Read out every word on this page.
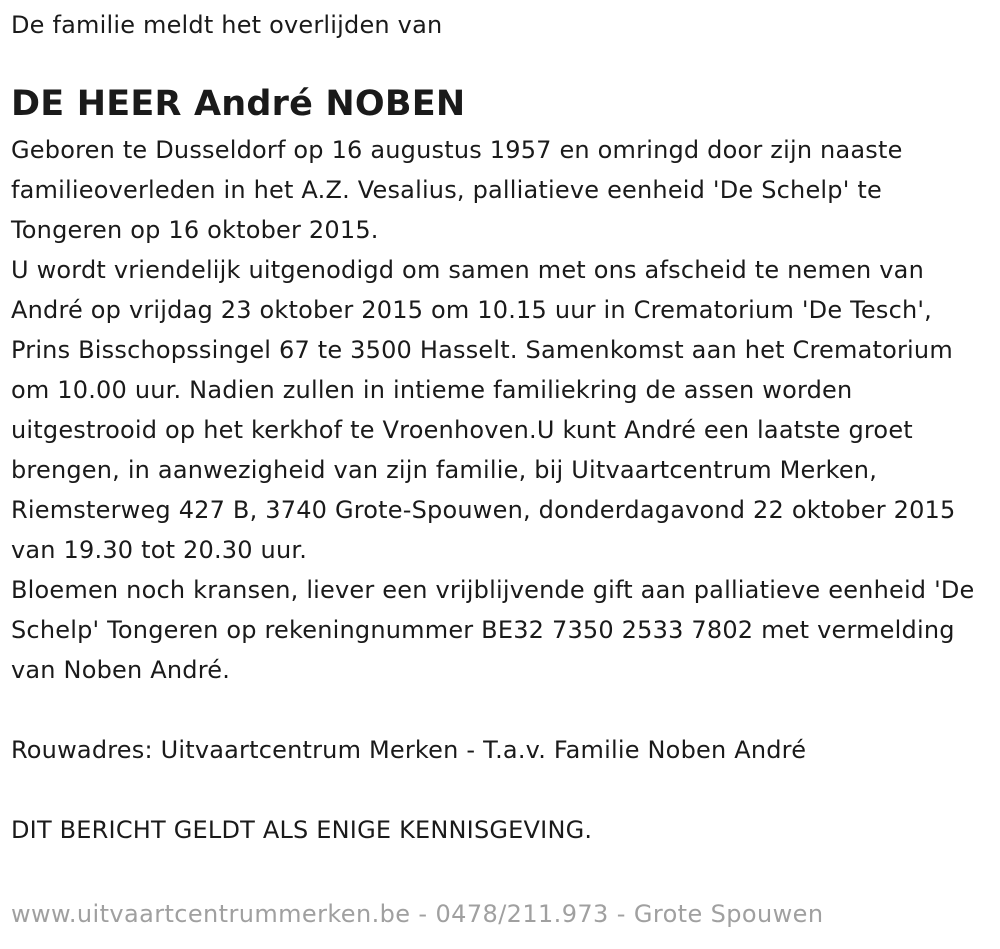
De familie meldt het overlijden van

DE HEER André NOBEN
Geboren te Dusseldorf op 16 augustus 1957 en omringd door zijn naaste familieoverleden in het A.Z. Vesalius, palliatieve eenheid 'De Schelp' te Tongeren op 16 oktober 2015.
U wordt vriendelijk uitgenodigd om samen met ons afscheid te nemen van André op vrijdag 23 oktober 2015 om 10.15 uur in Crematorium 'De Tesch', Prins Bisschopssingel 67 te 3500 Hasselt. Samenkomst aan het Crematorium om 10.00 uur. Nadien zullen in intieme familiekring de assen worden uitgestrooid op het kerkhof te Vroenhoven.U kunt André een laatste groet brengen, in aanwezigheid van zijn familie, bij Uitvaartcentrum Merken, Riemsterweg 427 B, 3740 Grote-Spouwen, donderdagavond 22 oktober 2015 van 19.30 tot 20.30 uur.
Bloemen noch kransen, liever een vrijblijvende gift aan palliatieve eenheid 'De Schelp' Tongeren op rekeningnummer BE32 7350 2533 7802 met vermelding van Noben André.
Rouwadres: Uitvaartcentrum Merken - T.a.v. Familie Noben André
DIT BERICHT GELDT ALS ENIGE KENNISGEVING.
www.uitvaartcentrummerken.be - 0478/211.973 - Grote Spouwen
